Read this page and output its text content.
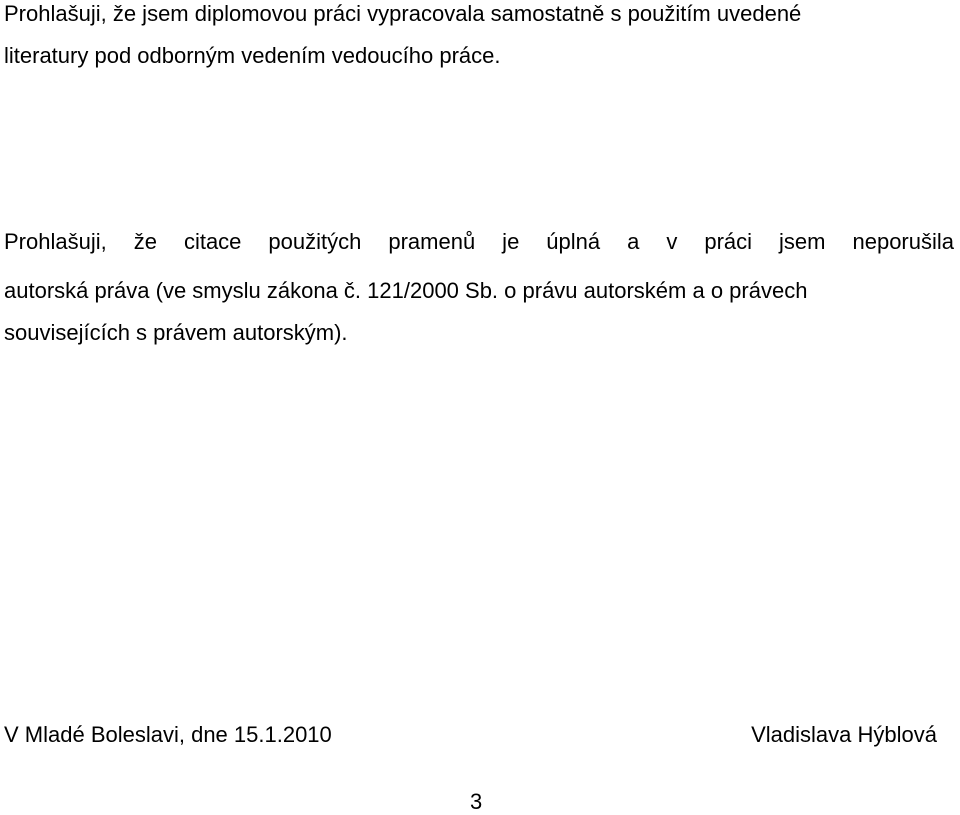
Prohlašuji, že jsem diplomovou práci vypracovala samostatně s použitím uvedené
literatury pod odborným vedením vedoucího práce.
Prohlašuji, že citace použitých pramenů je úplná a v práci jsem neporušila
autorská práva (ve smyslu zákona č. 121/2000 Sb. o právu autorském a o právech
souvisejících s právem autorským).
V Mladé Boleslavi, dne 15.1.2010	Vladislava Hýblová
3
